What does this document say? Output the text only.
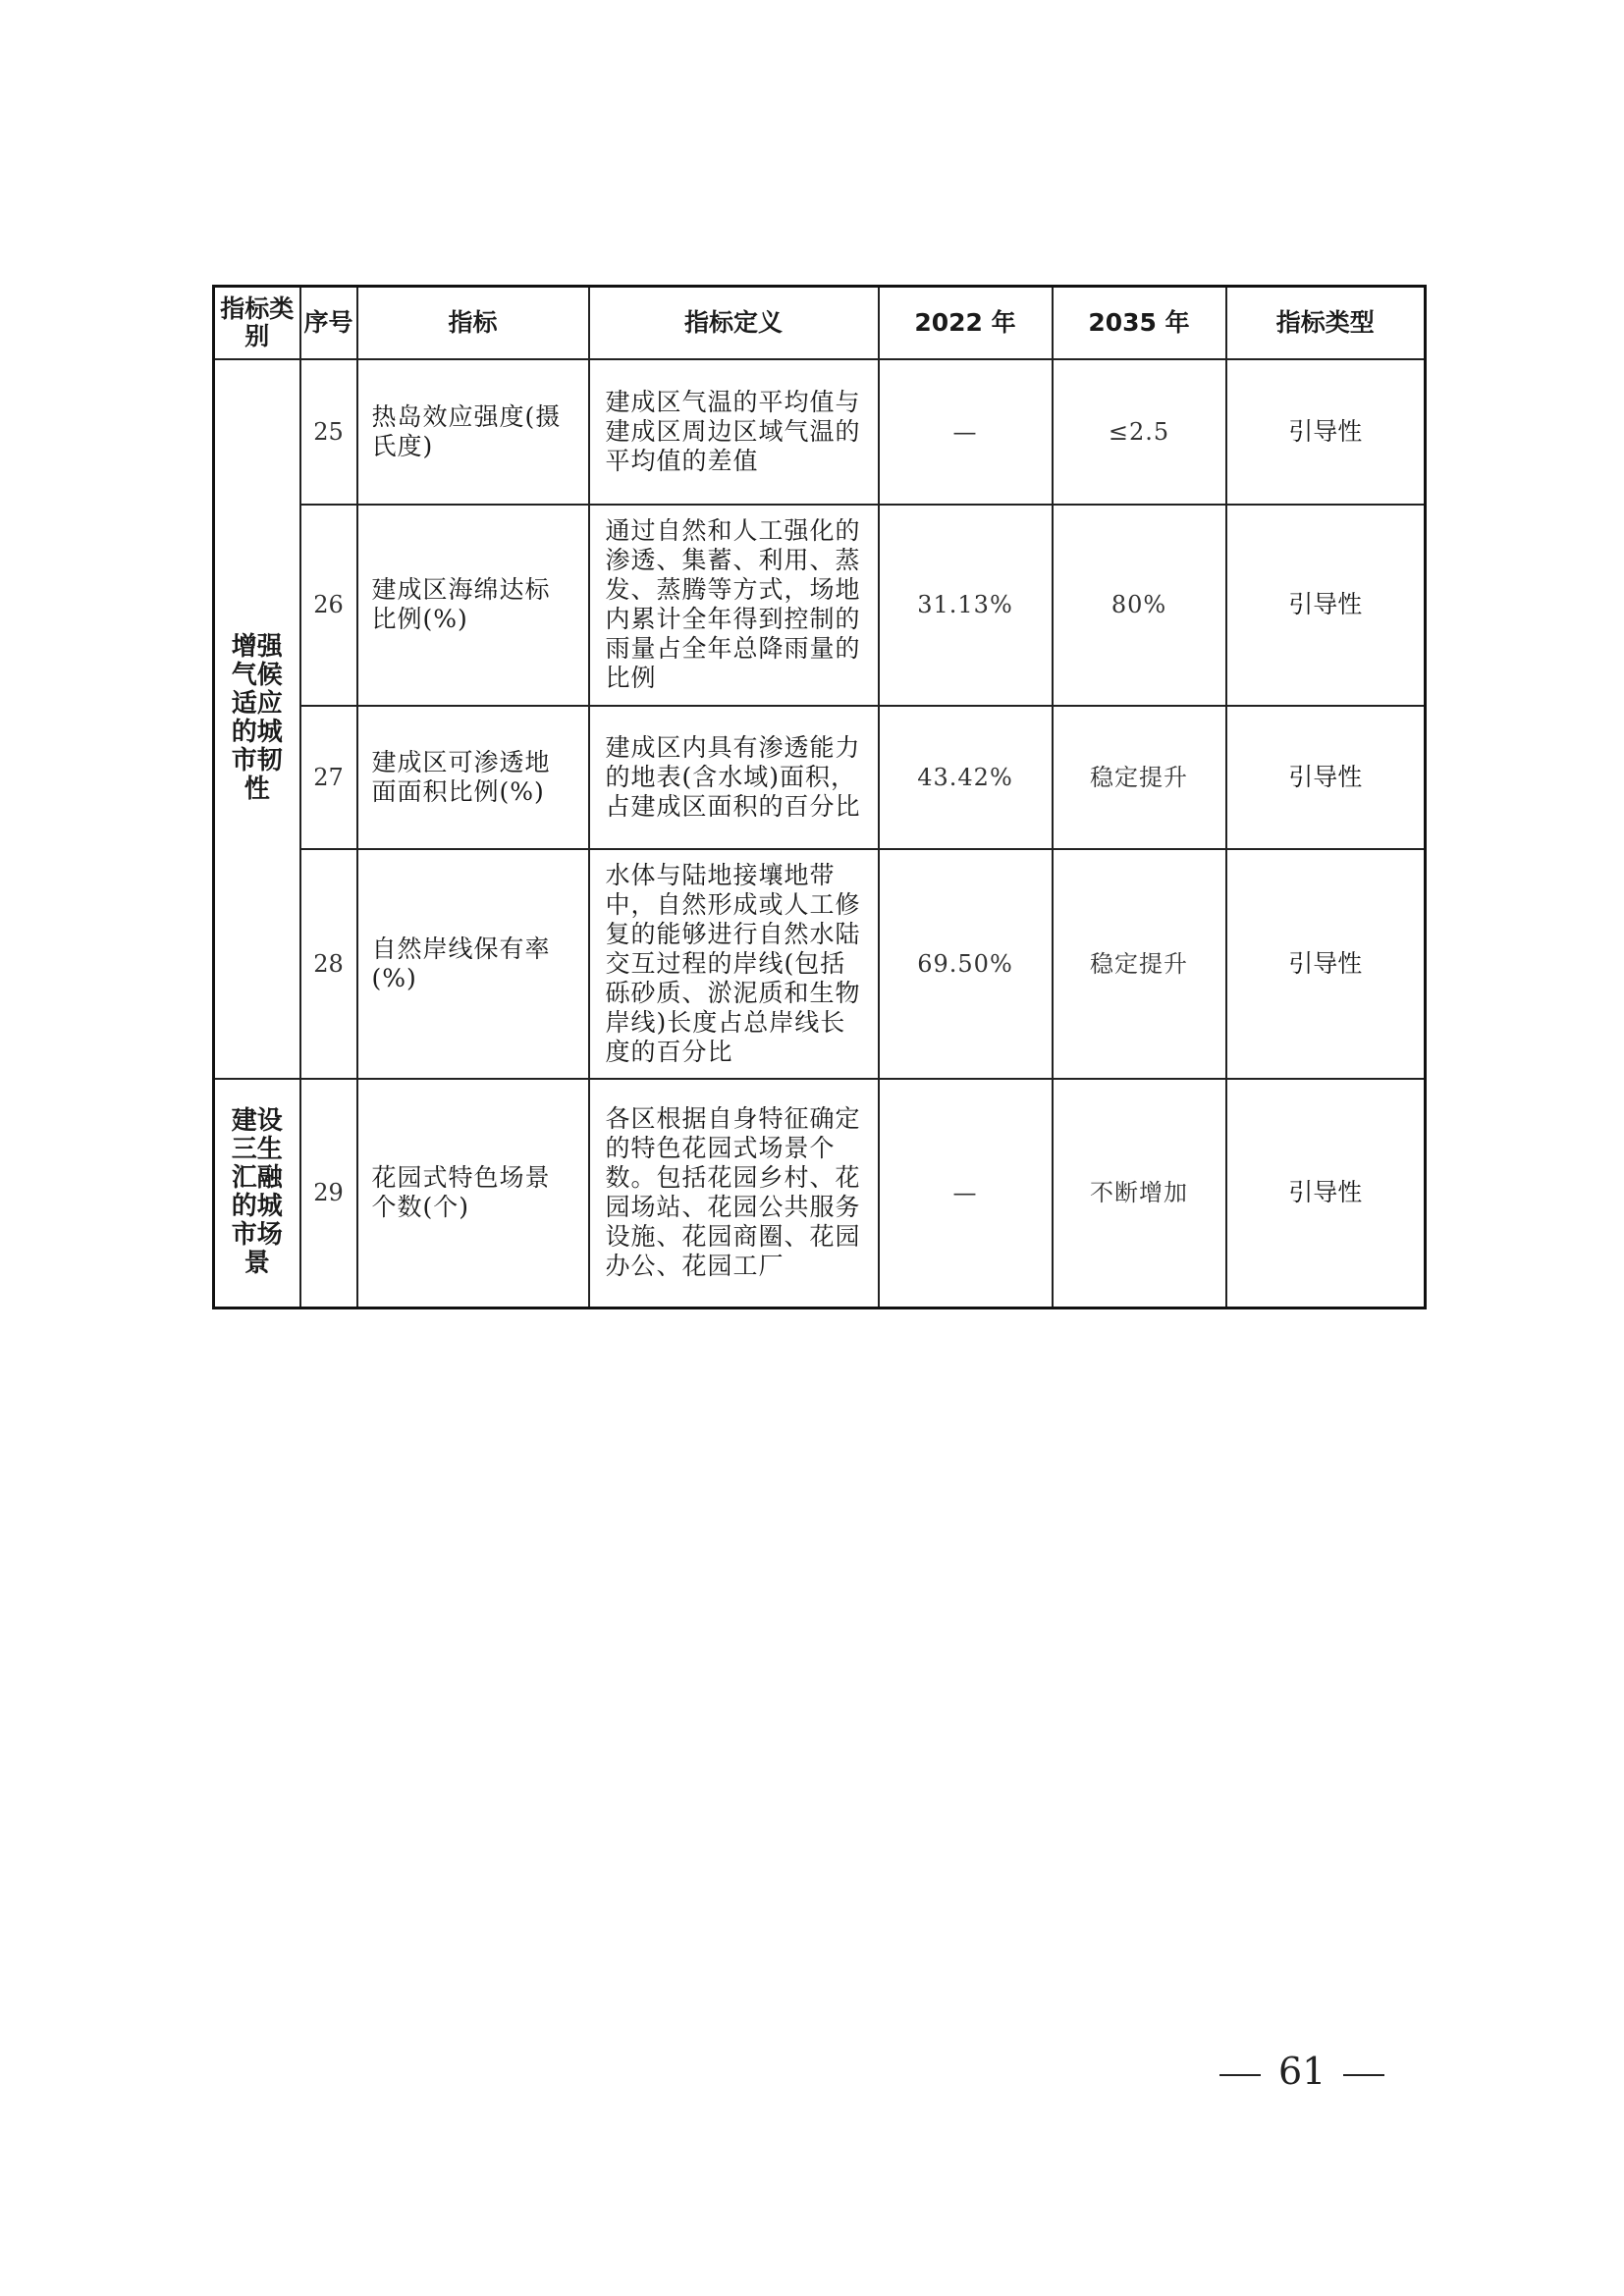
指标类别	序号	指标	指标定义	2022 年	2035 年	指标类型
增强气候适应的城市韧性	25	热岛效应强度(摄氏度)	建成区气温的平均值与建成区周边区域气温的平均值的差值	—	≤2.5	引导性
	26	建成区海绵达标比例(%)	通过自然和人工强化的渗透、集蓄、利用、蒸发、蒸腾等方式，场地内累计全年得到控制的雨量占全年总降雨量的比例	31.13%	80%	引导性
	27	建成区可渗透地面面积比例(%)	建成区内具有渗透能力的地表(含水域)面积，占建成区面积的百分比	43.42%	稳定提升	引导性
	28	自然岸线保有率(%)	水体与陆地接壤地带中，自然形成或人工修复的能够进行自然水陆交互过程的岸线(包括砾砂质、淤泥质和生物岸线)长度占总岸线长度的百分比	69.50%	稳定提升	引导性
建设三生汇融的城市场景	29	花园式特色场景个数(个)	各区根据自身特征确定的特色花园式场景个数。包括花园乡村、花园场站、花园公共服务设施、花园商圈、花园办公、花园工厂	—	不断增加	引导性
61
